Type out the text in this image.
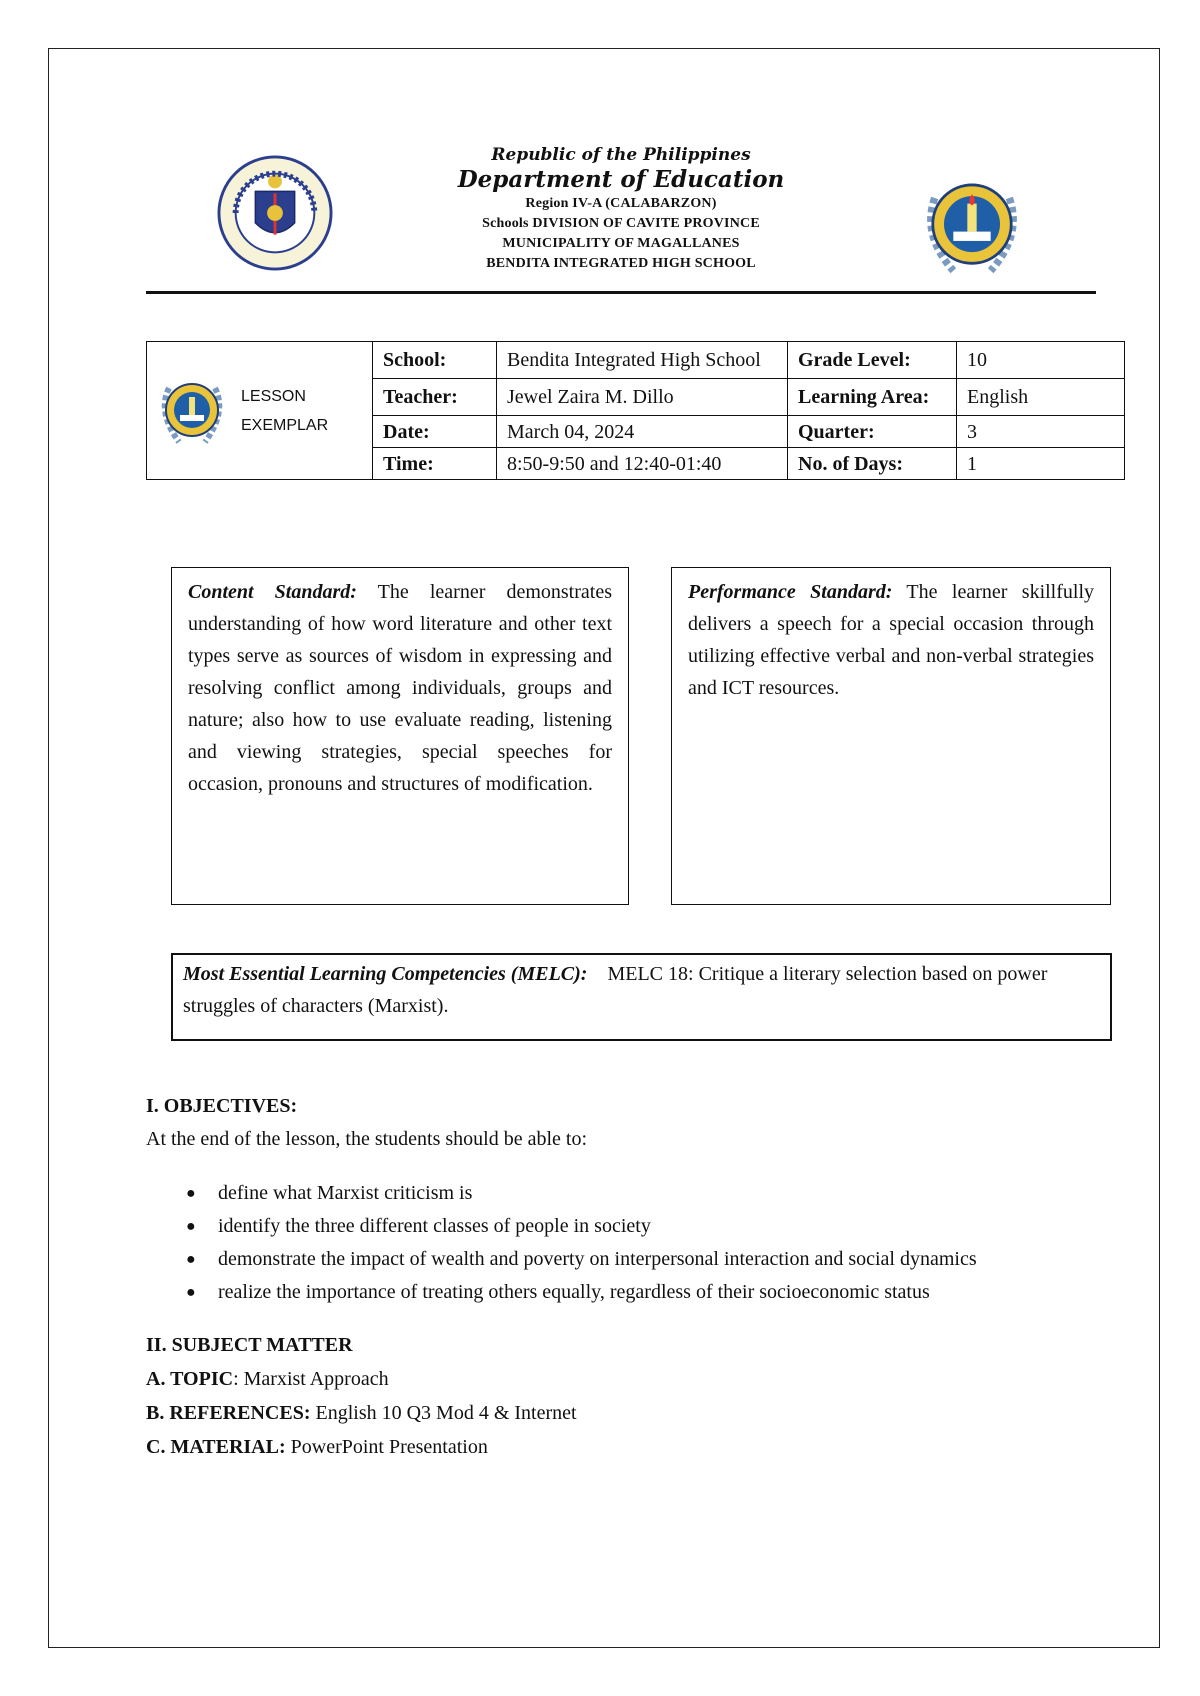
Republic of the Philippines
Department of Education
Region IV-A (CALABARZON)
Schools DIVISION OF CAVITE PROVINCE
MUNICIPALITY OF MAGALLANES
BENDITA INTEGRATED HIGH SCHOOL
LESSON
EXEMPLAR	School:	Bendita Integrated High School	Grade Level:	10
	Teacher:	Jewel Zaira M. Dillo	Learning Area:	English
	Date:	March 04, 2024	Quarter:	3
	Time:	8:50-9:50 and 12:40-01:40	No. of Days:	1
Content Standard: The learner demonstrates understanding of how word literature and other text types serve as sources of wisdom in expressing and resolving conflict among individuals, groups and nature; also how to use evaluate reading, listening and viewing strategies, special speeches for occasion, pronouns and structures of modification.
Performance Standard: The learner skillfully delivers a speech for a special occasion through utilizing effective verbal and non-verbal strategies and ICT resources.
Most Essential Learning Competencies (MELC): MELC 18: Critique a literary selection based on power struggles of characters (Marxist).
I. OBJECTIVES:
At the end of the lesson, the students should be able to:
● define what Marxist criticism is
● identify the three different classes of people in society
● demonstrate the impact of wealth and poverty on interpersonal interaction and social dynamics
● realize the importance of treating others equally, regardless of their socioeconomic status
II. SUBJECT MATTER
A. TOPIC: Marxist Approach
B. REFERENCES: English 10 Q3 Mod 4 & Internet
C. MATERIAL: PowerPoint Presentation
